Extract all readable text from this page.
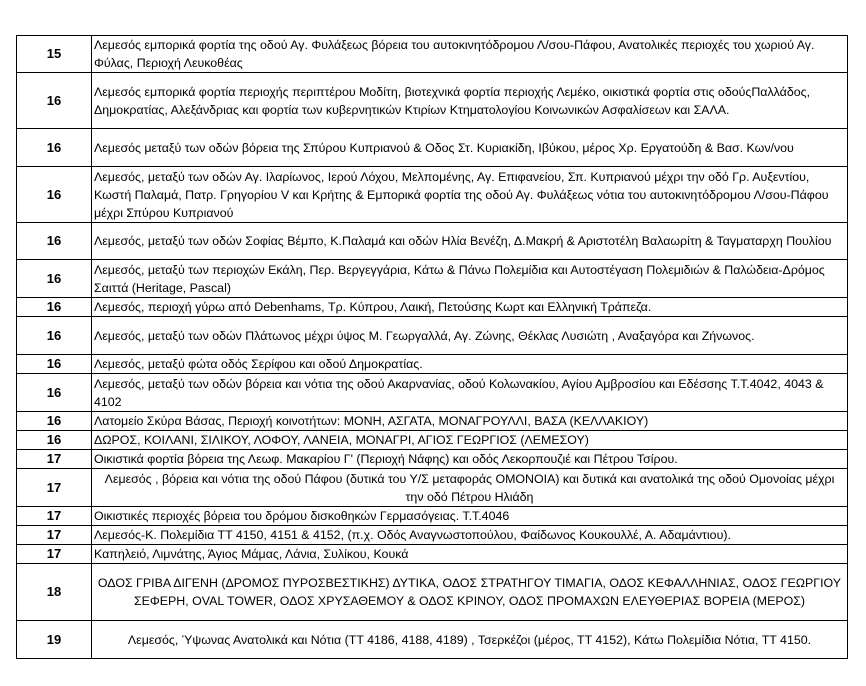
15	Λεμεσός εμπορικά φορτία της οδού Αγ. Φυλάξεως βόρεια του αυτοκινητόδρομου Λ/σου-Πάφου, Ανατολικές περιοχές του χωριού Αγ. Φύλας, Περιοχή Λευκοθέας
16	Λεμεσός εμπορικά φορτία περιοχής περιπτέρου Μοδίτη, βιοτεχνικά φορτία περιοχής Λεμέκο, οικιστικά φορτία στις οδούςΠαλλάδος, Δημοκρατίας, Αλεξάνδριας και φορτία των κυβερνητικών Κτιρίων Κτηματολογίου Κοινωνικών Ασφαλίσεων και ΣΑΛΑ.
16	Λεμεσός μεταξύ των οδών βόρεια της Σπύρου Κυπριανού & Οδος Στ. Κυριακίδη, Ιβύκου, μέρος Χρ. Εργατούδη & Βασ. Κων/νου
16	Λεμεσός, μεταξύ των οδών Αγ. Ιλαρίωνος, Ιερού Λόχου, Μελπομένης, Αγ. Επιφανείου, Σπ. Κυπριανού μέχρι την οδό Γρ. Αυξεντίου, Κωστή Παλαμά, Πατρ. Γρηγορίου V και Κρήτης & Εμπορικά φορτία της οδού Αγ. Φυλάξεως νότια του αυτοκινητόδρομου Λ/σου-Πάφου μέχρι Σπύρου Κυπριανού
16	Λεμεσός, μεταξύ των οδών Σοφίας Βέμπο, Κ.Παλαμά και οδών Ηλία Βενέζη, Δ.Μακρή & Αριστοτέλη Βαλαωρίτη & Ταγματαρχη Πουλίου
16	Λεμεσός, μεταξύ των περιοχών Εκάλη, Περ. Βεργεγγάρια, Κάτω & Πάνω Πολεμίδια και Αυτοστέγαση Πολεμιδιών & Παλώδεια-Δρόμος Σαιττά (Heritage, Pascal)
16	Λεμεσός, περιοχή γύρω από Debenhams, Τρ. Κύπρου, Λαική, Πετούσης Κωρτ και Ελληνική Τράπεζα.
16	Λεμεσός, μεταξύ των οδών Πλάτωνος μέχρι ύψος Μ. Γεωργαλλά, Αγ. Ζώνης, Θέκλας Λυσιώτη , Αναξαγόρα και Ζήνωνος.
16	Λεμεσός, μεταξύ φώτα οδός Σερίφου και οδού Δημοκρατίας.
16	Λεμεσός, μεταξύ των οδών βόρεια και νότια της οδού Ακαρνανίας, οδού Κολωνακίου, Αγίου Αμβροσίου και Εδέσσης Τ.Τ.4042, 4043 & 4102
16	Λατομείο Σκύρα Βάσας, Περιοχή κοινοτήτων: ΜΟΝΗ, ΑΣΓΑΤΑ, ΜΟΝΑΓΡΟΥΛΛΙ, ΒΑΣΑ (ΚΕΛΛΑΚΙΟΥ)
16	ΔΩΡΟΣ, ΚΟΙΛΑΝΙ, ΣΙΛΙΚΟΥ, ΛΟΦΟΥ, ΛΑΝΕΙΑ, ΜΟΝΑΓΡΙ, ΑΓΙΟΣ ΓΕΩΡΓΙΟΣ (ΛΕΜΕΣΟΥ)
17	Οικιστικά φορτία βόρεια της Λεωφ. Μακαρίου Γ' (Περιοχή Νάφης) και οδός Λεκορπουζιέ και Πέτρου Τσίρου.
17	Λεμεσός , βόρεια και νότια της οδού Πάφου (δυτικά του Υ/Σ μεταφοράς ΟΜΟΝΟΙΑ) και δυτικά και ανατολικά της οδού Ομονοίας μέχρι την οδό Πέτρου Ηλιάδη
17	Οικιστικές περιοχές βόρεια του δρόμου δισκοθηκών Γερμασόγειας. Τ.Τ.4046
17	Λεμεσός-Κ. Πολεμίδια ΤΤ 4150, 4151 & 4152, (π.χ. Οδός Αναγνωστοπούλου, Φαίδωνος Κουκουλλέ, Α. Αδαμάντιου).
17	Καπηλειό, Λιμνάτης, Άγιος Μάμας, Λάνια, Συλίκου, Κουκά
18	ΟΔΟΣ ΓΡΙΒΑ ΔΙΓΕΝΗ (ΔΡΟΜΟΣ ΠΥΡΟΣΒΕΣΤΙΚΗΣ) ΔΥΤΙΚΑ, ΟΔΟΣ ΣΤΡΑΤΗΓΟΥ ΤΙΜΑΓΙΑ, ΟΔΟΣ ΚΕΦΑΛΛΗΝΙΑΣ, ΟΔΟΣ ΓΕΩΡΓΙΟΥ ΣΕΦΕΡΗ, OVAL TOWER, ΟΔΟΣ ΧΡΥΣΑΘΕΜΟΥ & ΟΔΟΣ ΚΡΙΝΟΥ, ΟΔΟΣ ΠΡΟΜΑΧΩΝ ΕΛΕΥΘΕΡΙΑΣ ΒΟΡΕΙΑ (ΜΕΡΟΣ)
19	Λεμεσός, Ύψωνας Ανατολικά και Νότια (ΤΤ 4186, 4188, 4189) , Τσερκέζοι (μέρος, ΤΤ 4152), Κάτω Πολεμίδια Νότια, ΤΤ 4150.
